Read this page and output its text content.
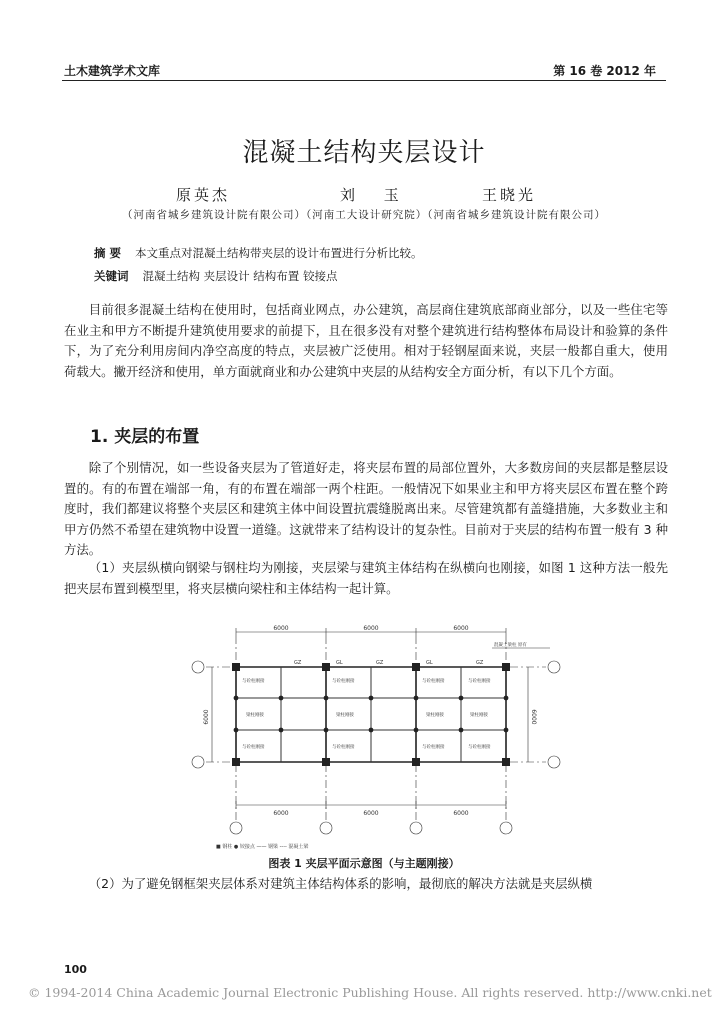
土木建筑学术文库	第 16 卷 2012 年
混凝土结构夹层设计
原英杰	刘 玉	王晓光
（河南省城乡建筑设计院有限公司）（河南工大设计研究院）（河南省城乡建筑设计院有限公司）
摘 要 本文重点对混凝土结构带夹层的设计布置进行分析比较。
关键词 混凝土结构 夹层设计 结构布置 铰接点

目前很多混凝土结构在使用时，包括商业网点，办公建筑，高层商住建筑底部商业部分，以及一些住宅等在业主和甲方不断提升建筑使用要求的前提下，且在很多没有对整个建筑进行结构整体布局设计和验算的条件下，为了充分利用房间内净空高度的特点，夹层被广泛使用。相对于轻钢屋面来说，夹层一般都自重大，使用荷载大。撇开经济和使用，单方面就商业和办公建筑中夹层的从结构安全方面分析，有以下几个方面。

1. 夹层的布置

除了个别情况，如一些设备夹层为了管道好走，将夹层布置的局部位置外，大多数房间的夹层都是整层设置的。有的布置在端部一角，有的布置在端部一两个柱距。一般情况下如果业主和甲方将夹层区布置在整个跨度时，我们都建议将整个夹层区和建筑主体中间设置抗震缝脱离出来。尽管建筑都有盖缝措施，大多数业主和甲方仍然不希望在建筑物中设置一道缝。这就带来了结构设计的复杂性。目前对于夹层的结构布置一般有 3 种方法。

（1）夹层纵横向钢梁与钢柱均为刚接，夹层梁与建筑主体结构在纵横向也刚接，如图 1 这种方法一般先把夹层布置到模型里，将夹层横向梁柱和主体结构一起计算。

6000	6000	6000
6000	6000	6000
6000	6000
混凝土梁柱 原有
GZ	GL	GZ	GL	GZ
与砼柱刚接	与砼柱刚接	与砼柱刚接	与砼柱刚接
梁柱刚接	梁柱刚接	梁柱刚接	梁柱刚接
与砼柱刚接	与砼柱刚接	与砼柱刚接	与砼柱刚接
■ 钢柱 ● 铰接点 —— 钢梁 ---- 混凝土梁
图表 1 夹层平面示意图（与主题刚接）

（2）为了避免钢框架夹层体系对建筑主体结构体系的影响，最彻底的解决方法就是夹层纵横

100
© 1994-2014 China Academic Journal Electronic Publishing House. All rights reserved. http://www.cnki.net
